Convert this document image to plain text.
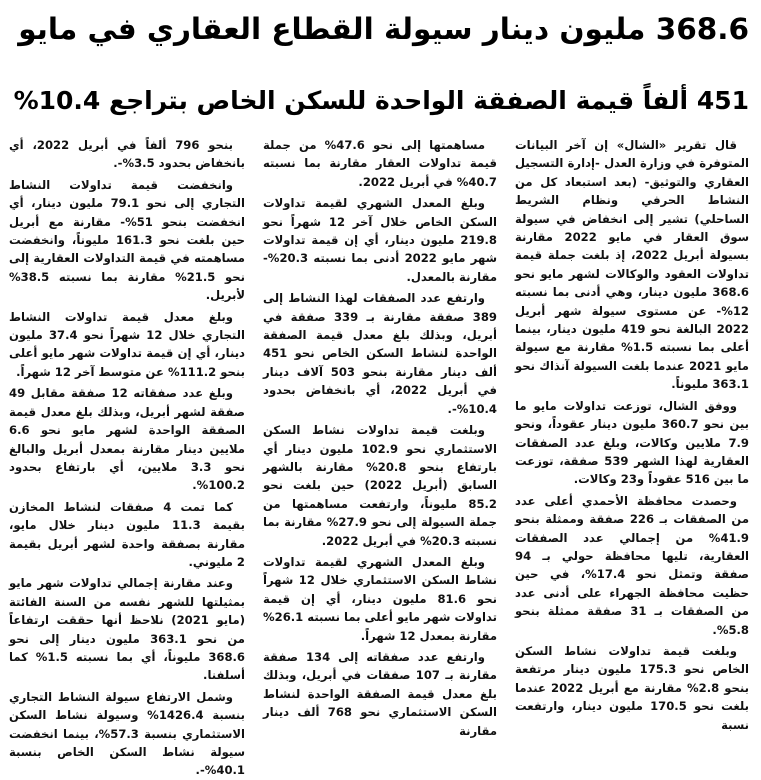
368.6 مليون دينار سيولة القطاع العقاري في مايو
451 ألفاً قيمة الصفقة الواحدة للسكن الخاص بتراجع 10.4%

قال تقرير «الشال» إن آخر البيانات المتوفرة في وزارة العدل -إدارة التسجيل العقاري والتوثيق- (بعد استبعاد كل من النشاط الحرفي ونظام الشريط الساحلي) تشير إلى انخفاض في سيولة سوق العقار في مايو 2022 مقارنة بسيولة أبريل 2022، إذ بلغت جملة قيمة تداولات العقود والوكالات لشهر مايو نحو 368.6 مليون دينار، وهي أدنى بما نسبته 12%- عن مستوى سيولة شهر أبريل 2022 البالغة نحو 419 مليون دينار، بينما أعلى بما نسبته 1.5% مقارنة مع سيولة مايو 2021 عندما بلغت السيولة آنذاك نحو 363.1 مليوناً.

ووفق الشال، توزعت تداولات مايو ما بين نحو 360.7 مليون دينار عقوداً، ونحو 7.9 ملايين وكالات، وبلغ عدد الصفقات العقارية لهذا الشهر 539 صفقة، توزعت ما بين 516 عقوداً و23 وكالات.

وحصدت محافظة الأحمدي أعلى عدد من الصفقات بـ 226 صفقة وممثلة بنحو 41.9% من إجمالي عدد الصفقات العقارية، تليها محافظة حولي بـ 94 صفقة وتمثل نحو 17.4%، في حين حظيت محافظة الجهراء على أدنى عدد من الصفقات بـ 31 صفقة ممثلة بنحو 5.8%.

وبلغت قيمة تداولات نشاط السكن الخاص نحو 175.3 مليون دينار مرتفعة بنحو 2.8% مقارنة مع أبريل 2022 عندما بلغت نحو 170.5 مليون دينار، وارتفعت نسبة

مساهمتها إلى نحو 47.6% من جملة قيمة تداولات العقار مقارنة بما نسبته 40.7% في أبريل 2022.

وبلغ المعدل الشهري لقيمة تداولات السكن الخاص خلال آخر 12 شهراً نحو 219.8 مليون دينار، أي إن قيمة تداولات شهر مايو 2022 أدنى بما نسبته 20.3%- مقارنة بالمعدل.

وارتفع عدد الصفقات لهذا النشاط إلى 389 صفقة مقارنة بـ 339 صفقة في أبريل، وبذلك بلغ معدل قيمة الصفقة الواحدة لنشاط السكن الخاص نحو 451 ألف دينار مقارنة بنحو 503 آلاف دينار في أبريل 2022، أي بانخفاض بحدود 10.4%-.

وبلغت قيمة تداولات نشاط السكن الاستثماري نحو 102.9 مليون دينار أي بارتفاع بنحو 20.8% مقارنة بالشهر السابق (أبريل 2022) حين بلغت نحو 85.2 مليوناً، وارتفعت مساهمتها من جملة السيولة إلى نحو 27.9% مقارنة بما نسبته 20.3% في أبريل 2022.

وبلغ المعدل الشهري لقيمة تداولات نشاط السكن الاستثماري خلال 12 شهراً نحو 81.6 مليون دينار، أي إن قيمة تداولات شهر مايو أعلى بما نسبته 26.1% مقارنة بمعدل 12 شهراً.

وارتفع عدد صفقاته إلى 134 صفقة مقارنة بـ 107 صفقات في أبريل، وبذلك بلغ معدل قيمة الصفقة الواحدة لنشاط السكن الاستثماري نحو 768 ألف دينار مقارنة

بنحو 796 ألفاً في أبريل 2022، أي بانخفاض بحدود 3.5%-.

وانخفضت قيمة تداولات النشاط التجاري إلى نحو 79.1 مليون دينار، أي انخفضت بنحو 51%- مقارنة مع أبريل حين بلغت نحو 161.3 مليوناً، وانخفضت مساهمته في قيمة التداولات العقارية إلى نحو 21.5% مقارنة بما نسبته 38.5% لأبريل.

وبلغ معدل قيمة تداولات النشاط التجاري خلال 12 شهراً نحو 37.4 مليون دينار، أي إن قيمة تداولات شهر مايو أعلى بنحو 111.2% عن متوسط آخر 12 شهراً.

وبلغ عدد صفقاته 12 صفقة مقابل 49 صفقة لشهر أبريل، وبذلك بلغ معدل قيمة الصفقة الواحدة لشهر مايو نحو 6.6 ملايين دينار مقارنة بمعدل أبريل والبالغ نحو 3.3 ملايين، أي بارتفاع بحدود 100.2%.

كما تمت 4 صفقات لنشاط المخازن بقيمة 11.3 مليون دينار خلال مايو، مقارنة بصفقة واحدة لشهر أبريل بقيمة 2 مليوني.

وعند مقارنة إجمالي تداولات شهر مايو بمثيلتها للشهر نفسه من السنة الفائتة (مايو 2021) نلاحظ أنها حققت ارتفاعاً من نحو 363.1 مليون دينار إلى نحو 368.6 مليوناً، أي بما نسبته 1.5% كما أسلفنا.

وشمل الارتفاع سيولة النشاط التجاري بنسبة 1426.4% وسيولة نشاط السكن الاستثماري بنسبة 57.3%، بينما انخفضت سيولة نشاط السكن الخاص بنسبة 40.1%-.
